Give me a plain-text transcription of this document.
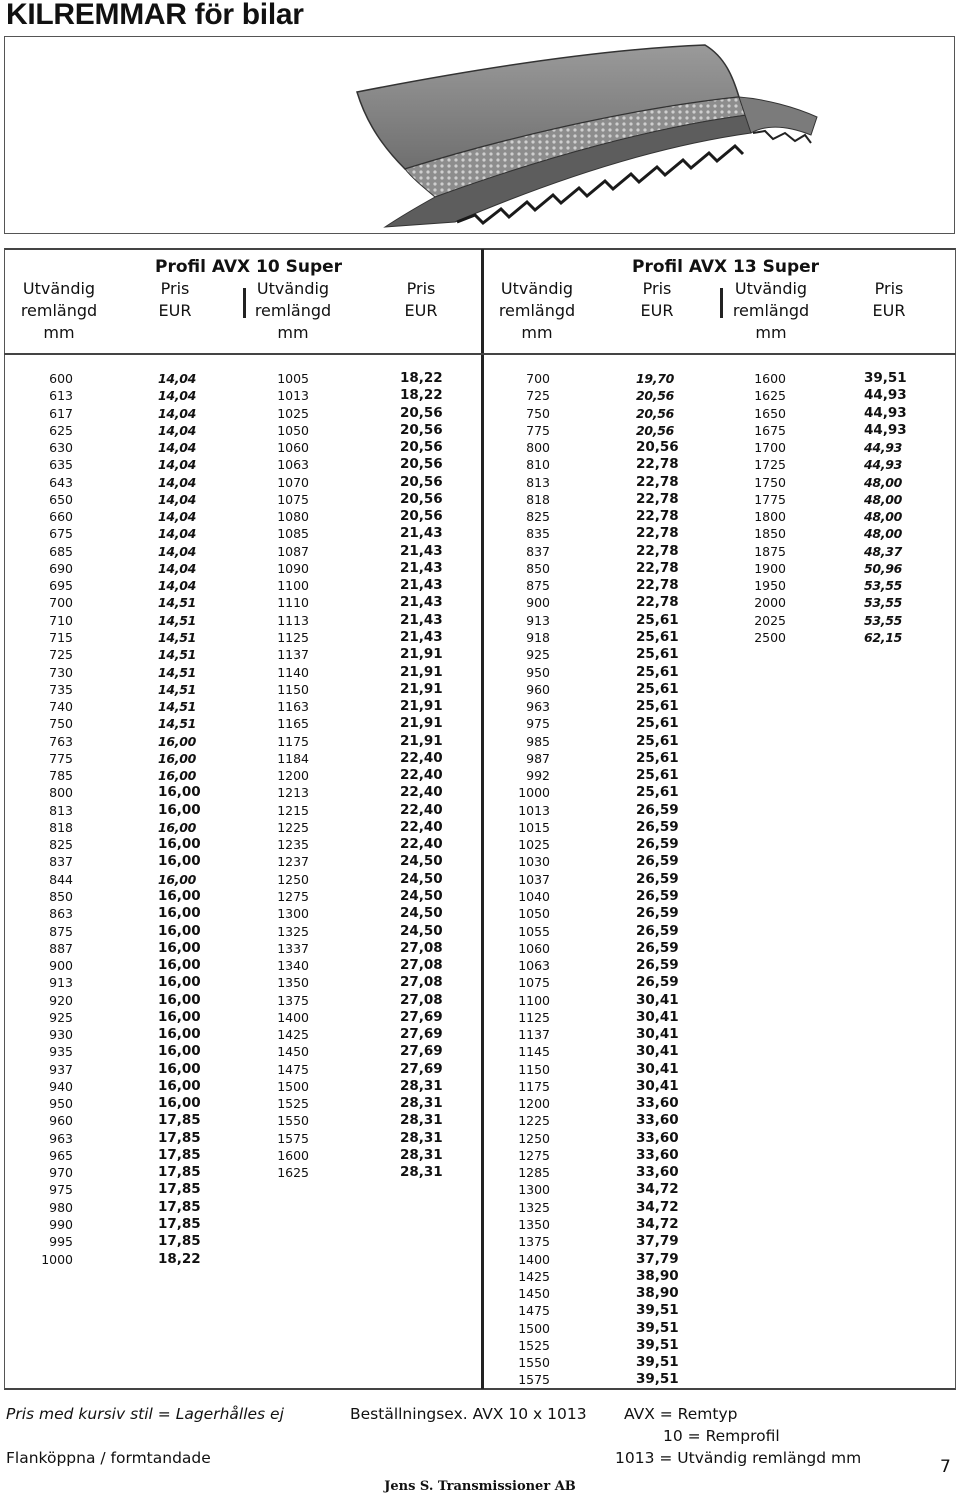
KILREMMAR för bilar
Profil AVX 10 Super	Profil AVX 13 Super
Utvändig
remlängd
mm
Pris
EUR
Utvändig
remlängd
mm
Pris
EUR
Utvändig
remlängd
mm
Pris
EUR
Utvändig
remlängd
mm
Pris
EUR
600
613
617
625
630
635
643
650
660
675
685
690
695
700
710
715
725
730
735
740
750
763
775
785
800
813
818
825
837
844
850
863
875
887
900
913
920
925
930
935
937
940
950
960
963
965
970
975
980
990
995
1000
14,04
14,04
14,04
14,04
14,04
14,04
14,04
14,04
14,04
14,04
14,04
14,04
14,04
14,51
14,51
14,51
14,51
14,51
14,51
14,51
14,51
16,00
16,00
16,00
16,00
16,00
16,00
16,00
16,00
16,00
16,00
16,00
16,00
16,00
16,00
16,00
16,00
16,00
16,00
16,00
16,00
16,00
16,00
17,85
17,85
17,85
17,85
17,85
17,85
17,85
17,85
18,22
1005
1013
1025
1050
1060
1063
1070
1075
1080
1085
1087
1090
1100
1110
1113
1125
1137
1140
1150
1163
1165
1175
1184
1200
1213
1215
1225
1235
1237
1250
1275
1300
1325
1337
1340
1350
1375
1400
1425
1450
1475
1500
1525
1550
1575
1600
1625
18,22
18,22
20,56
20,56
20,56
20,56
20,56
20,56
20,56
21,43
21,43
21,43
21,43
21,43
21,43
21,43
21,91
21,91
21,91
21,91
21,91
21,91
22,40
22,40
22,40
22,40
22,40
22,40
24,50
24,50
24,50
24,50
24,50
27,08
27,08
27,08
27,08
27,69
27,69
27,69
27,69
28,31
28,31
28,31
28,31
28,31
28,31
700
725
750
775
800
810
813
818
825
835
837
850
875
900
913
918
925
950
960
963
975
985
987
992
1000
1013
1015
1025
1030
1037
1040
1050
1055
1060
1063
1075
1100
1125
1137
1145
1150
1175
1200
1225
1250
1275
1285
1300
1325
1350
1375
1400
1425
1450
1475
1500
1525
1550
1575
19,70
20,56
20,56
20,56
20,56
22,78
22,78
22,78
22,78
22,78
22,78
22,78
22,78
22,78
25,61
25,61
25,61
25,61
25,61
25,61
25,61
25,61
25,61
25,61
25,61
26,59
26,59
26,59
26,59
26,59
26,59
26,59
26,59
26,59
26,59
26,59
30,41
30,41
30,41
30,41
30,41
30,41
33,60
33,60
33,60
33,60
33,60
34,72
34,72
34,72
37,79
37,79
38,90
38,90
39,51
39,51
39,51
39,51
39,51
1600
1625
1650
1675
1700
1725
1750
1775
1800
1850
1875
1900
1950
2000
2025
2500
39,51
44,93
44,93
44,93
44,93
44,93
48,00
48,00
48,00
48,00
48,37
50,96
53,55
53,55
53,55
62,15
Pris med kursiv stil = Lagerhålles ej
Flanköppna / formtandade
Beställningsex. AVX 10 x 1013 AVX = Remtyp
10 = Remprofil
1013 = Utvändig remlängd mm
Jens S. Transmissioner AB
7
